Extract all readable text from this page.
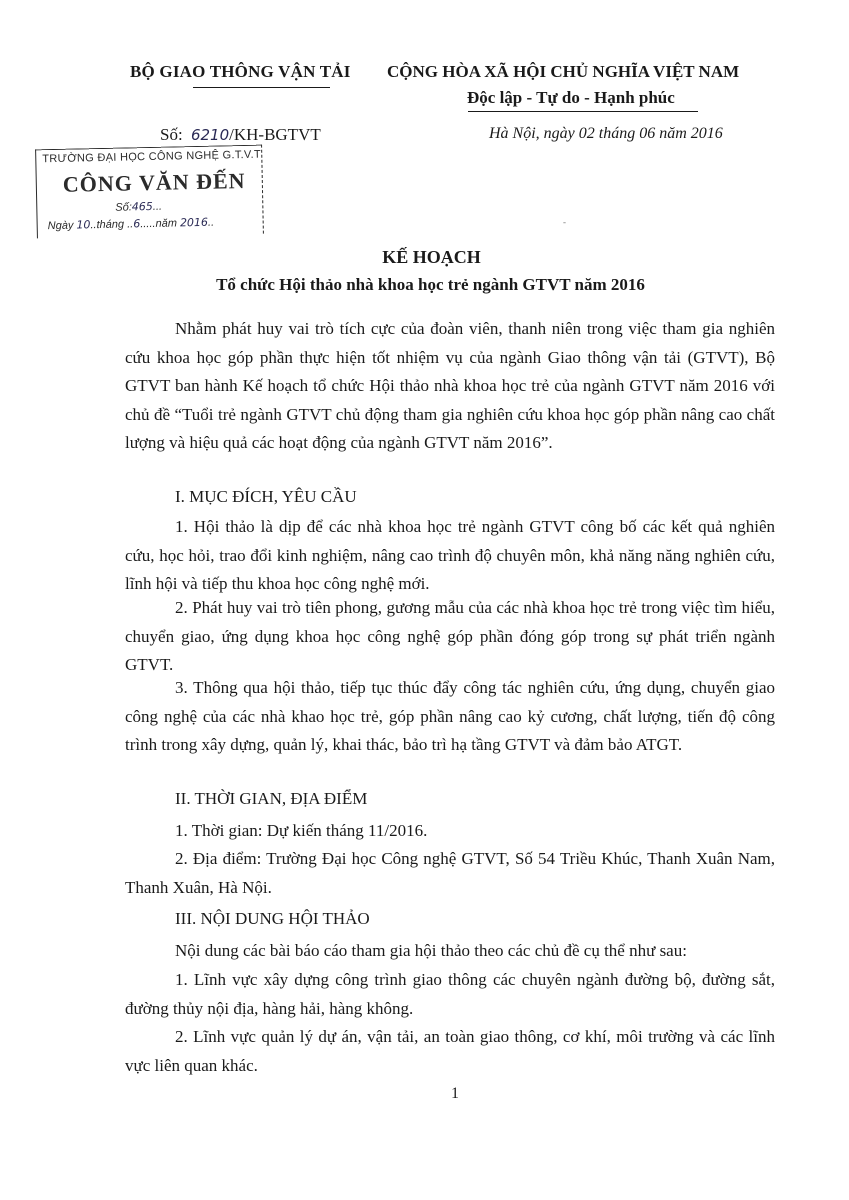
BỘ GIAO THÔNG VẬN TẢI CỘNG HÒA XÃ HỘI CHỦ NGHĨA VIỆT NAM
Độc lập - Tự do - Hạnh phúc
Số: 6210/KH-BGTVT	Hà Nội, ngày 02 tháng 06 năm 2016
TRƯỜNG ĐẠI HỌC CÔNG NGHỆ G.T.V.T
CÔNG VĂN ĐẾN
Số:465...
Ngày 10..tháng ..6.....năm 2016..	-
KẾ HOẠCH
Tổ chức Hội thảo nhà khoa học trẻ ngành GTVT năm 2016

Nhằm phát huy vai trò tích cực của đoàn viên, thanh niên trong việc tham gia nghiên cứu khoa học góp phần thực hiện tốt nhiệm vụ của ngành Giao thông vận tải (GTVT), Bộ GTVT ban hành Kế hoạch tổ chức Hội thảo nhà khoa học trẻ của ngành GTVT năm 2016 với chủ đề “Tuổi trẻ ngành GTVT chủ động tham gia nghiên cứu khoa học góp phần nâng cao chất lượng và hiệu quả các hoạt động của ngành GTVT năm 2016”.

I. MỤC ĐÍCH, YÊU CẦU

1. Hội thảo là dịp để các nhà khoa học trẻ ngành GTVT công bố các kết quả nghiên cứu, học hỏi, trao đổi kinh nghiệm, nâng cao trình độ chuyên môn, khả năng năng nghiên cứu, lĩnh hội và tiếp thu khoa học công nghệ mới.

2. Phát huy vai trò tiên phong, gương mẫu của các nhà khoa học trẻ trong việc tìm hiểu, chuyển giao, ứng dụng khoa học công nghệ góp phần đóng góp trong sự phát triển ngành GTVT.

3. Thông qua hội thảo, tiếp tục thúc đẩy công tác nghiên cứu, ứng dụng, chuyển giao công nghệ của các nhà khao học trẻ, góp phần nâng cao kỷ cương, chất lượng, tiến độ công trình trong xây dựng, quản lý, khai thác, bảo trì hạ tầng GTVT và đảm bảo ATGT.

II. THỜI GIAN, ĐỊA ĐIỂM

1. Thời gian: Dự kiến tháng 11/2016.

2. Địa điểm: Trường Đại học Công nghệ GTVT, Số 54 Triều Khúc, Thanh Xuân Nam, Thanh Xuân, Hà Nội.

III. NỘI DUNG HỘI THẢO

Nội dung các bài báo cáo tham gia hội thảo theo các chủ đề cụ thể như sau:

1. Lĩnh vực xây dựng công trình giao thông các chuyên ngành đường bộ, đường sắt, đường thủy nội địa, hàng hải, hàng không.

2. Lĩnh vực quản lý dự án, vận tải, an toàn giao thông, cơ khí, môi trường và các lĩnh vực liên quan khác.

1
